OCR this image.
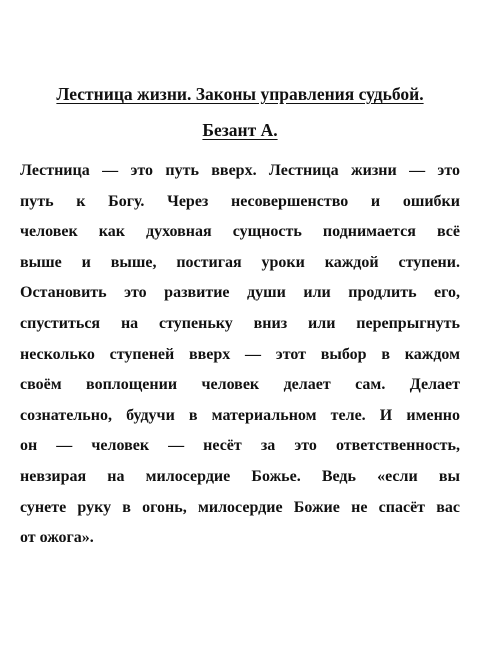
Лестница жизни. Законы управления судьбой.
Безант А.
Лестница — это путь вверх. Лестница жизни — это
путь к Богу. Через несовершенство и ошибки
человек как духовная сущность поднимается всё
выше и выше, постигая уроки каждой ступени.
Остановить это развитие души или продлить его,
спуститься на ступеньку вниз или перепрыгнуть
несколько ступеней вверх — этот выбор в каждом
своём воплощении человек делает сам. Делает
сознательно, будучи в материальном теле. И именно
он — человек — несёт за это ответственность,
невзирая на милосердие Божье. Ведь «если вы
сунете руку в огонь, милосердие Божие не спасёт вас
от ожога».
